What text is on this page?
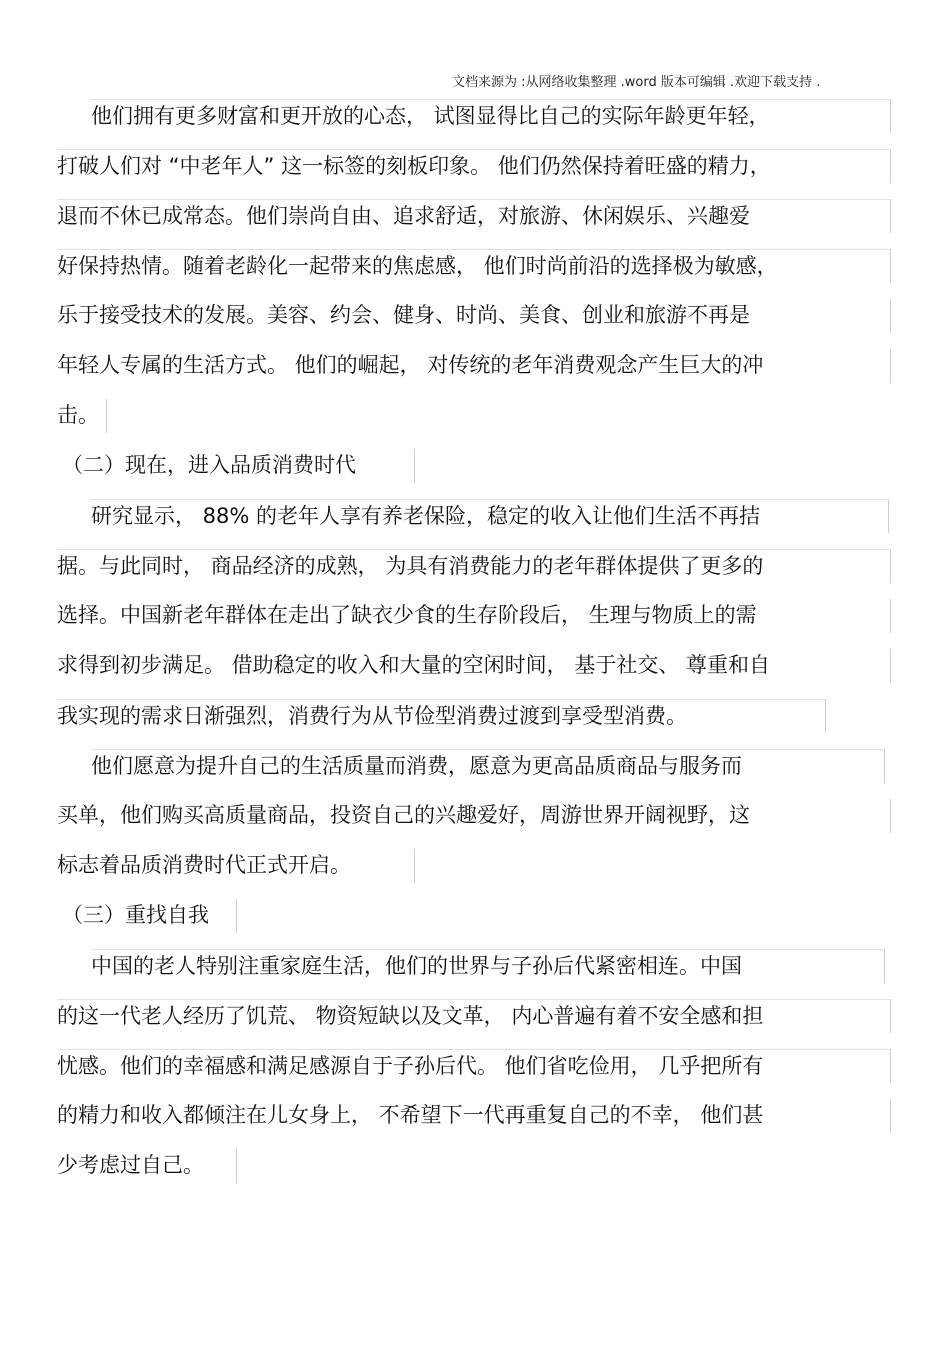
文档来源为 :从网络收集整理 .word 版本可编辑 .欢迎下载支持 .
他们拥有更多财富和更开放的心态， 试图显得比自己的实际年龄更年轻，
打破人们对 “中老年人” 这一标签的刻板印象。 他们仍然保持着旺盛的精力，
退而不休已成常态。他们崇尚自由、追求舒适，对旅游、休闲娱乐、兴趣爱
好保持热情。随着老龄化一起带来的焦虑感， 他们时尚前沿的选择极为敏感，
乐于接受技术的发展。美容、约会、健身、时尚、美食、创业和旅游不再是
年轻人专属的生活方式。 他们的崛起， 对传统的老年消费观念产生巨大的冲
击。
（二）现在，进入品质消费时代
研究显示， 88% 的老年人享有养老保险，稳定的收入让他们生活不再拮
据。与此同时， 商品经济的成熟， 为具有消费能力的老年群体提供了更多的
选择。中国新老年群体在走出了缺衣少食的生存阶段后， 生理与物质上的需
求得到初步满足。 借助稳定的收入和大量的空闲时间， 基于社交、 尊重和自
我实现的需求日渐强烈，消费行为从节俭型消费过渡到享受型消费。
他们愿意为提升自己的生活质量而消费，愿意为更高品质商品与服务而
买单，他们购买高质量商品，投资自己的兴趣爱好，周游世界开阔视野，这
标志着品质消费时代正式开启。
（三）重找自我
中国的老人特别注重家庭生活，他们的世界与子孙后代紧密相连。中国
的这一代老人经历了饥荒、 物资短缺以及文革， 内心普遍有着不安全感和担
忧感。他们的幸福感和满足感源自于子孙后代。 他们省吃俭用， 几乎把所有
的精力和收入都倾注在儿女身上， 不希望下一代再重复自己的不幸， 他们甚
少考虑过自己。
